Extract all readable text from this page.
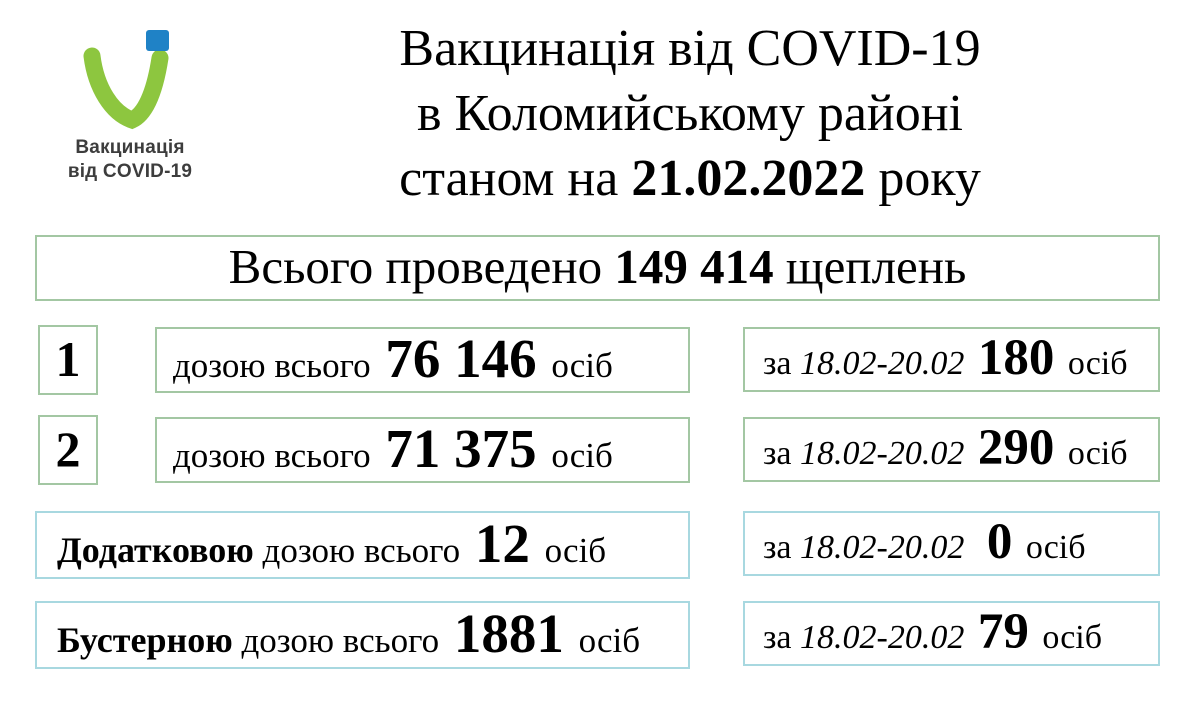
Вакцинація
від COVID-19
Вакцинація від COVID-19
в Коломийському районі
станом на 21.02.2022 року
Всього проведено 149 414 щеплень
1	дозою всього 76 146 осіб	за 18.02-20.02 180 осіб
2	дозою всього 71 375 осіб	за 18.02-20.02 290 осіб
Додатковою дозою всього 12 осіб	за 18.02-20.02 0 осіб
Бустерною дозою всього 1881 осіб	за 18.02-20.02 79 осіб
